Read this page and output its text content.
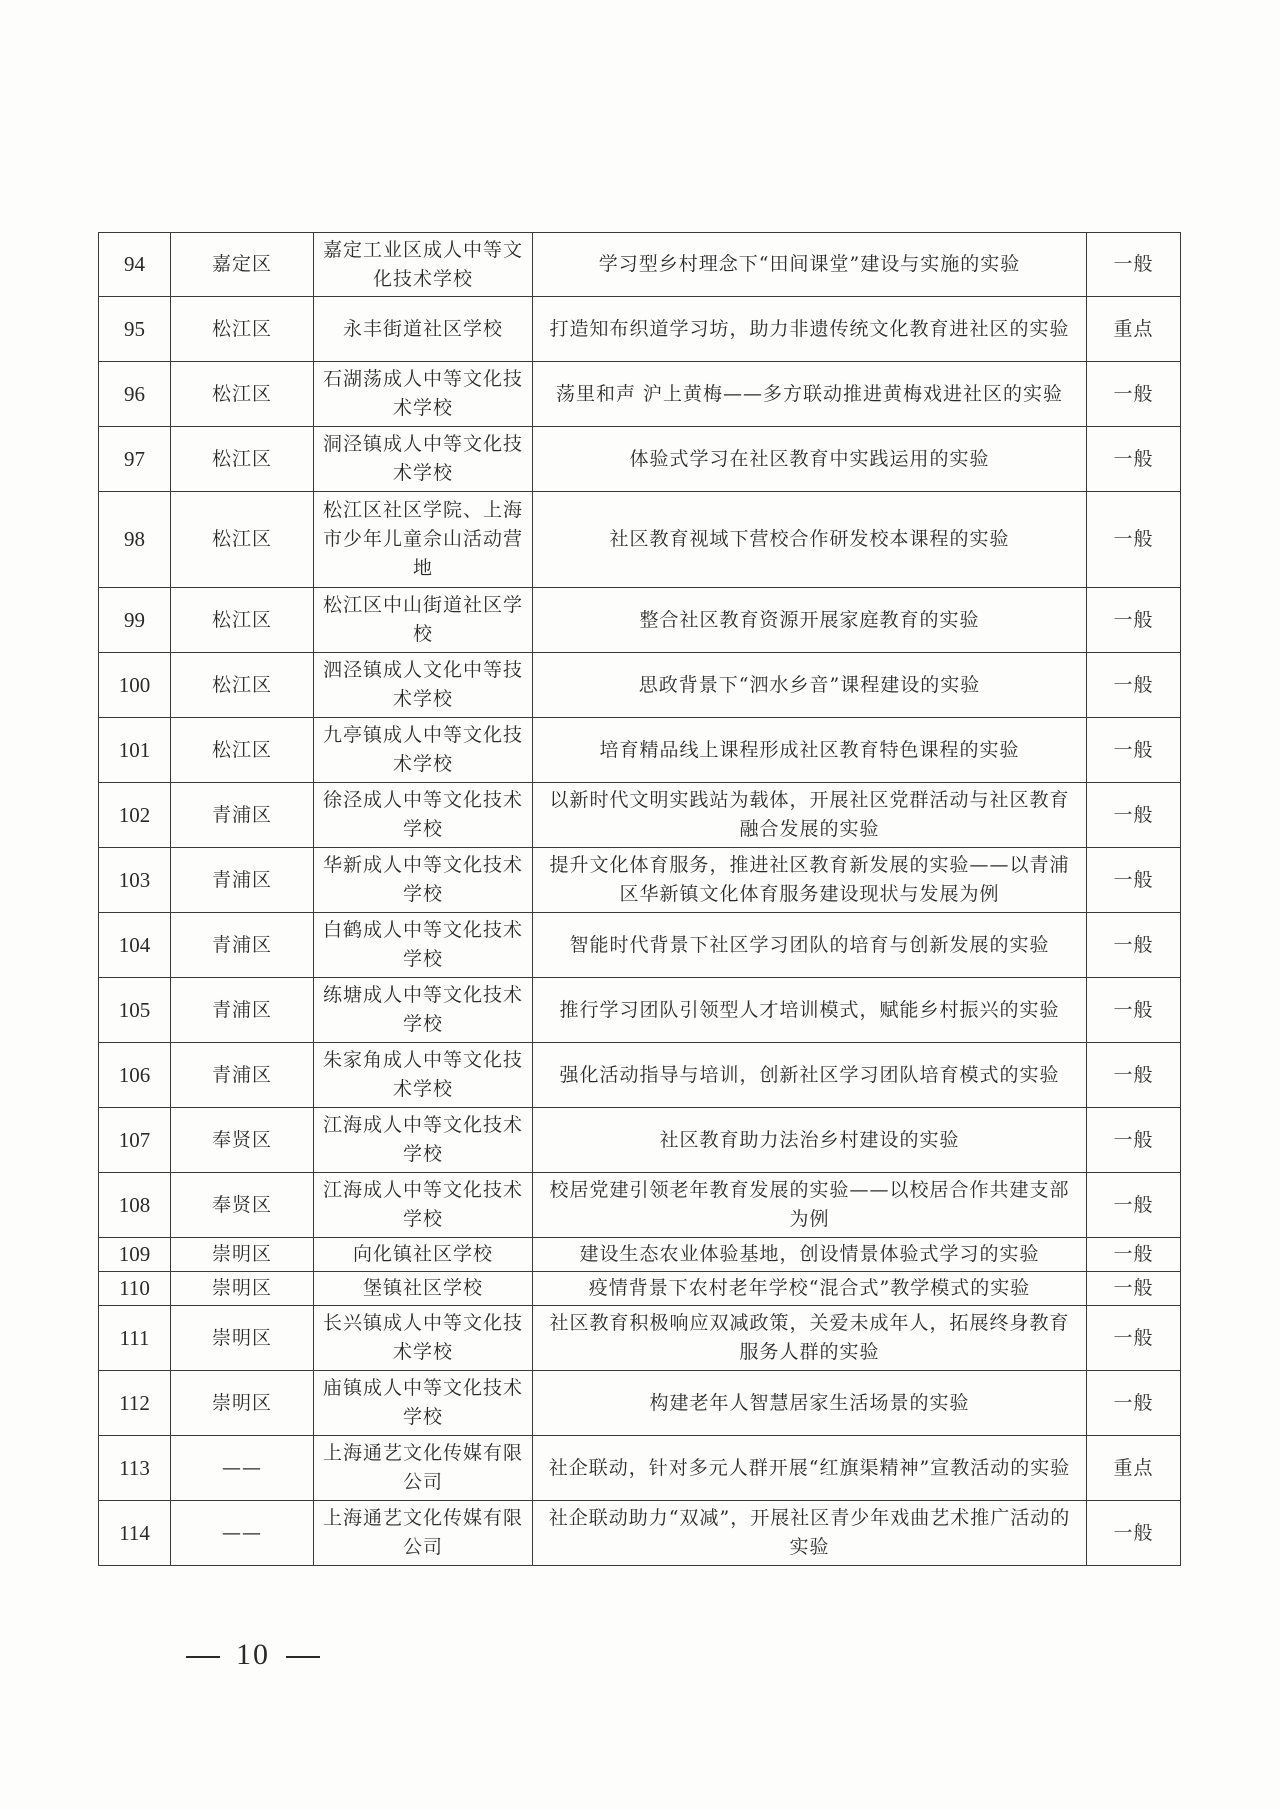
94	嘉定区	嘉定工业区成人中等文化技术学校	学习型乡村理念下“田间课堂”建设与实施的实验	一般
95	松江区	永丰街道社区学校	打造知布织道学习坊，助力非遗传统文化教育进社区的实验	重点
96	松江区	石湖荡成人中等文化技术学校	荡里和声 沪上黄梅——多方联动推进黄梅戏进社区的实验	一般
97	松江区	洞泾镇成人中等文化技术学校	体验式学习在社区教育中实践运用的实验	一般
98	松江区	松江区社区学院、上海市少年儿童佘山活动营地	社区教育视域下营校合作研发校本课程的实验	一般
99	松江区	松江区中山街道社区学校	整合社区教育资源开展家庭教育的实验	一般
100	松江区	泗泾镇成人文化中等技术学校	思政背景下“泗水乡音”课程建设的实验	一般
101	松江区	九亭镇成人中等文化技术学校	培育精品线上课程形成社区教育特色课程的实验	一般
102	青浦区	徐泾成人中等文化技术学校	以新时代文明实践站为载体，开展社区党群活动与社区教育融合发展的实验	一般
103	青浦区	华新成人中等文化技术学校	提升文化体育服务，推进社区教育新发展的实验——以青浦区华新镇文化体育服务建设现状与发展为例	一般
104	青浦区	白鹤成人中等文化技术学校	智能时代背景下社区学习团队的培育与创新发展的实验	一般
105	青浦区	练塘成人中等文化技术学校	推行学习团队引领型人才培训模式，赋能乡村振兴的实验	一般
106	青浦区	朱家角成人中等文化技术学校	强化活动指导与培训，创新社区学习团队培育模式的实验	一般
107	奉贤区	江海成人中等文化技术学校	社区教育助力法治乡村建设的实验	一般
108	奉贤区	江海成人中等文化技术学校	校居党建引领老年教育发展的实验——以校居合作共建支部为例	一般
109	崇明区	向化镇社区学校	建设生态农业体验基地，创设情景体验式学习的实验	一般
110	崇明区	堡镇社区学校	疫情背景下农村老年学校“混合式”教学模式的实验	一般
111	崇明区	长兴镇成人中等文化技术学校	社区教育积极响应双减政策，关爱未成年人，拓展终身教育服务人群的实验	一般
112	崇明区	庙镇成人中等文化技术学校	构建老年人智慧居家生活场景的实验	一般
113	——	上海通艺文化传媒有限公司	社企联动，针对多元人群开展“红旗渠精神”宣教活动的实验	重点
114	——	上海通艺文化传媒有限公司	社企联动助力“双减”，开展社区青少年戏曲艺术推广活动的实验	一般
10
